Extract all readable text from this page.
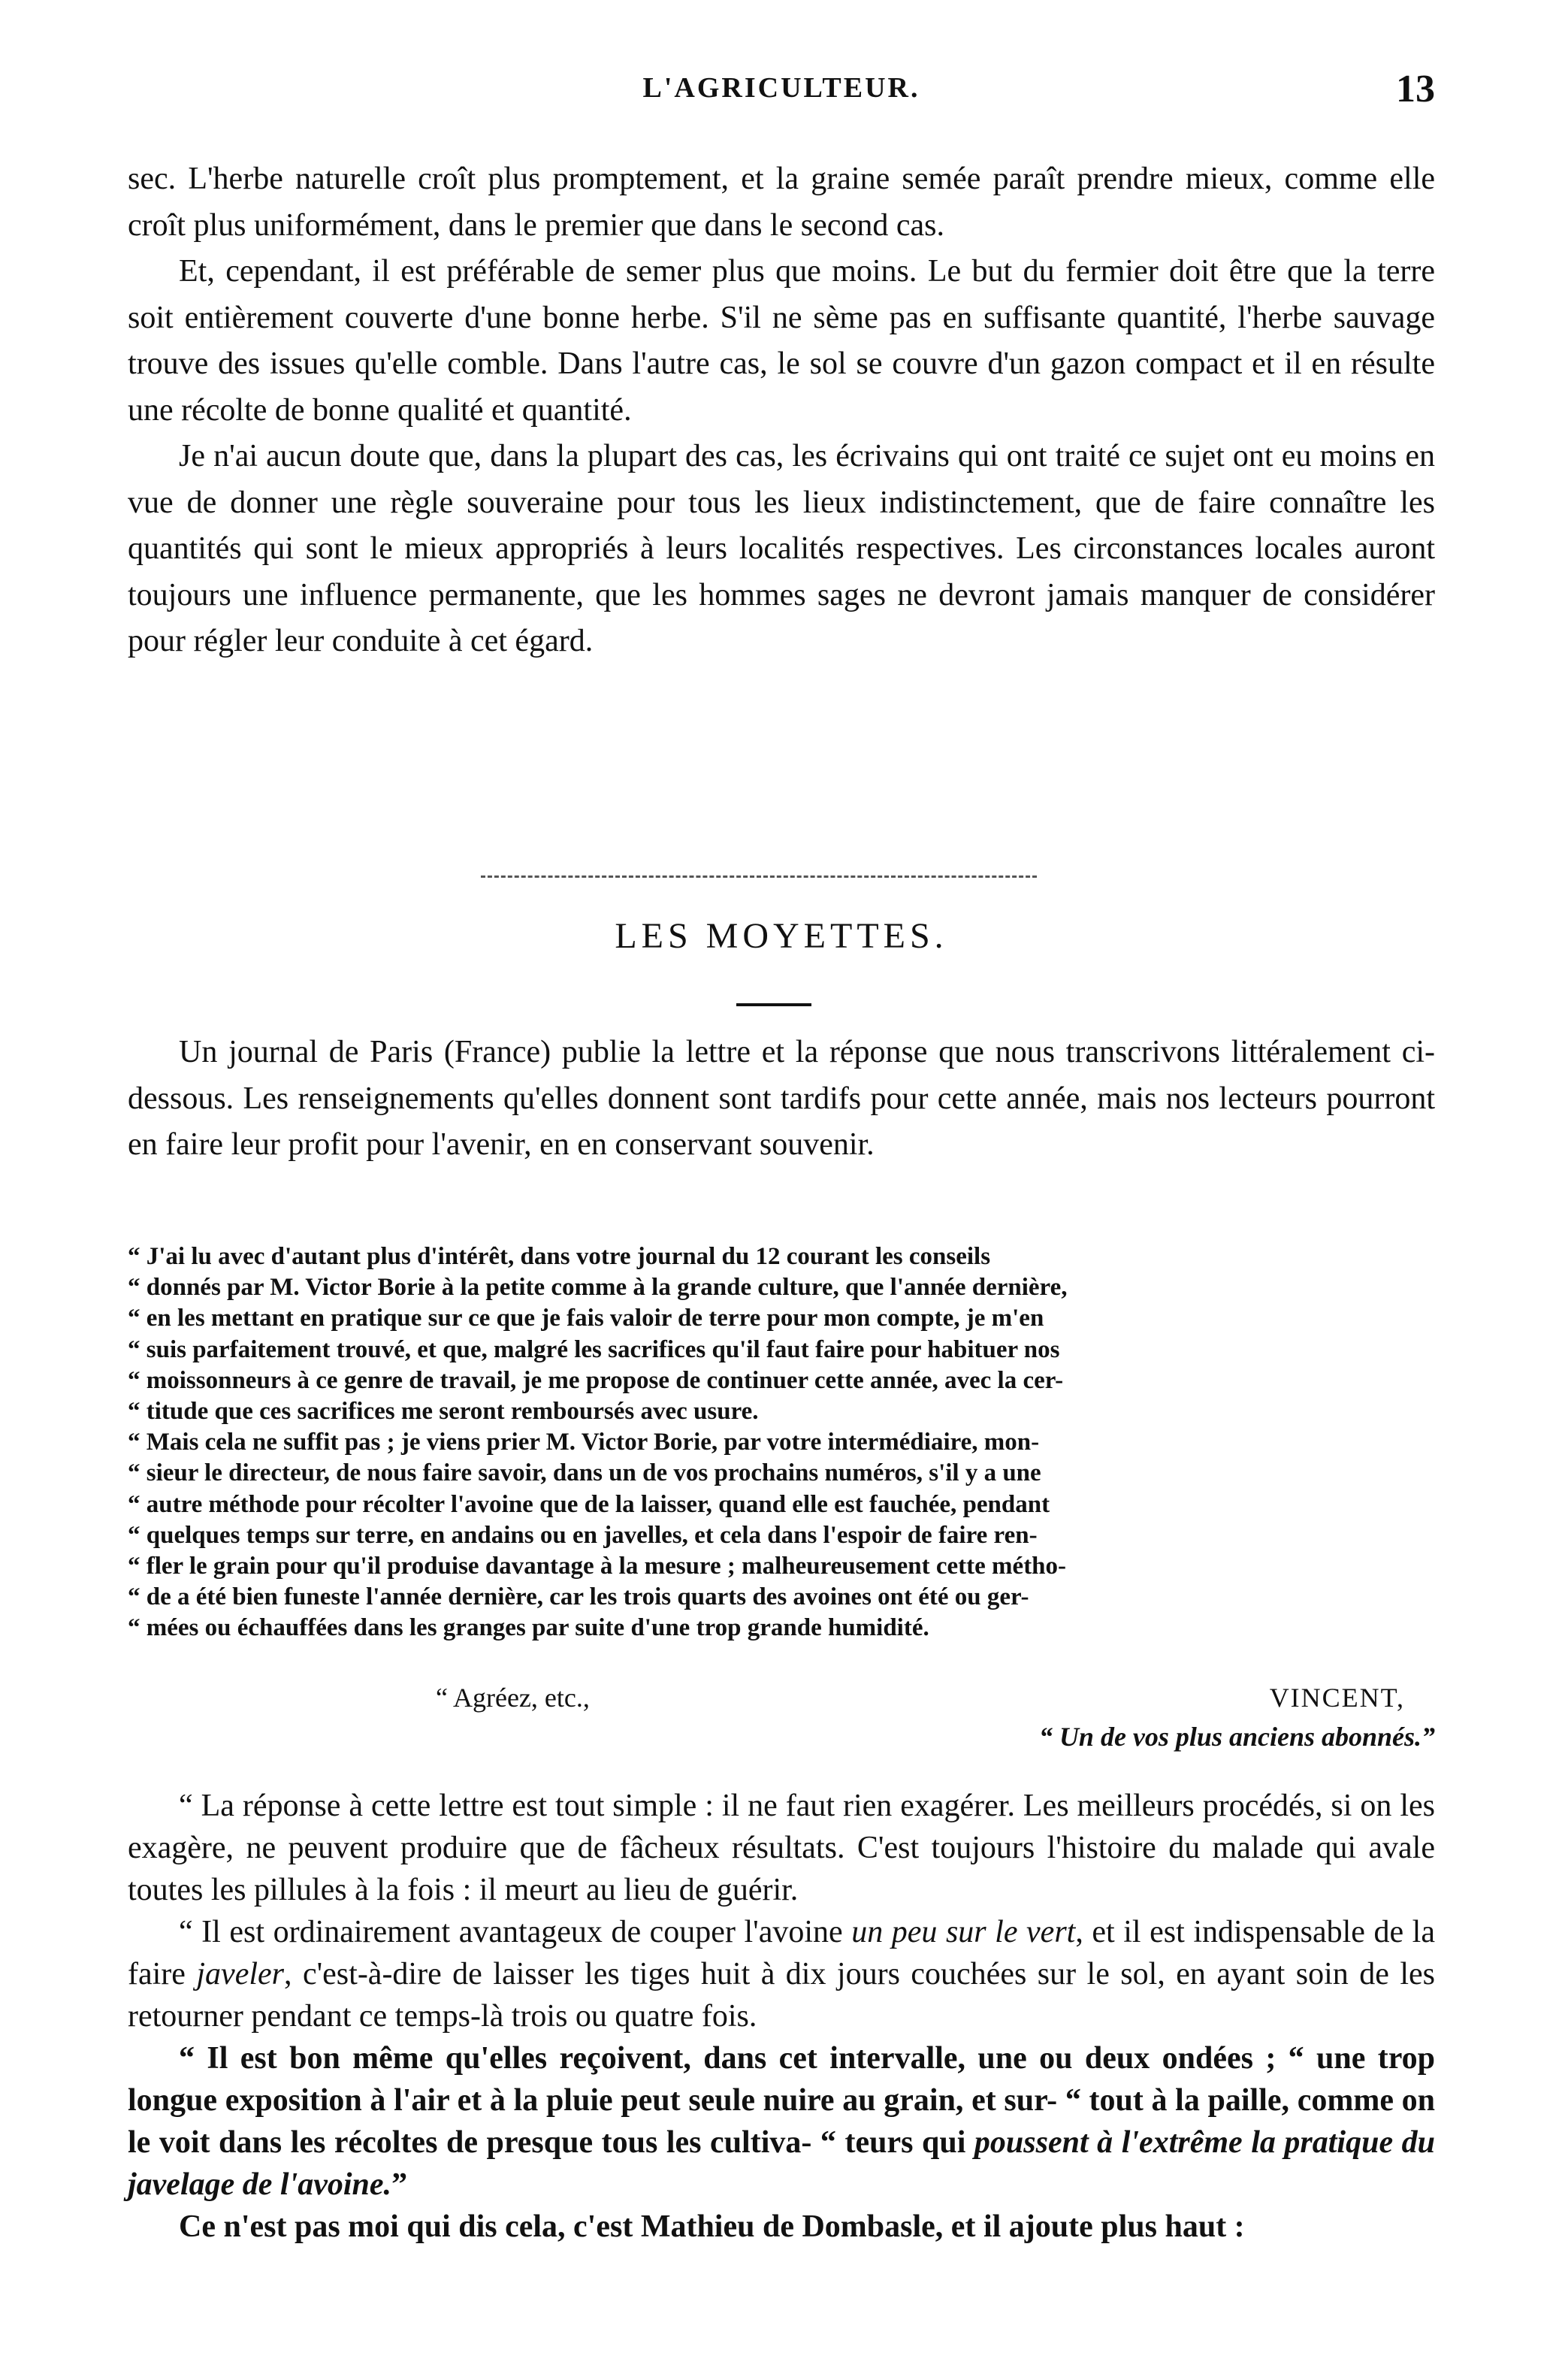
L'AGRICULTEUR.	13

sec. L'herbe naturelle croît plus promptement, et la graine semée paraît prendre mieux, comme elle croît plus uniformément, dans le premier que dans le second cas.

Et, cependant, il est préférable de semer plus que moins. Le but du fermier doit être que la terre soit entièrement couverte d'une bonne herbe. S'il ne sème pas en suffisante quantité, l'herbe sauvage trouve des issues qu'elle comble. Dans l'autre cas, le sol se couvre d'un gazon compact et il en résulte une récolte de bonne qualité et quantité.

Je n'ai aucun doute que, dans la plupart des cas, les écrivains qui ont traité ce sujet ont eu moins en vue de donner une règle souveraine pour tous les lieux indistinctement, que de faire connaître les quantités qui sont le mieux appropriés à leurs localités respectives. Les circonstances locales auront toujours une influence permanente, que les hommes sages ne devront jamais manquer de considérer pour régler leur conduite à cet égard.

LES MOYETTES.

Un journal de Paris (France) publie la lettre et la réponse que nous transcrivons littéralement ci-dessous. Les renseignements qu'elles donnent sont tardifs pour cette année, mais nos lecteurs pourront en faire leur profit pour l'avenir, en en conservant souvenir.

“ J'ai lu avec d'autant plus d'intérêt, dans votre journal du 12 courant les conseils
“ donnés par M. Victor Borie à la petite comme à la grande culture, que l'année dernière,
“ en les mettant en pratique sur ce que je fais valoir de terre pour mon compte, je m'en
“ suis parfaitement trouvé, et que, malgré les sacrifices qu'il faut faire pour habituer nos
“ moissonneurs à ce genre de travail, je me propose de continuer cette année, avec la cer-
“ titude que ces sacrifices me seront remboursés avec usure.
“ Mais cela ne suffit pas ; je viens prier M. Victor Borie, par votre intermédiaire, mon-
“ sieur le directeur, de nous faire savoir, dans un de vos prochains numéros, s'il y a une
“ autre méthode pour récolter l'avoine que de la laisser, quand elle est fauchée, pendant
“ quelques temps sur terre, en andains ou en javelles, et cela dans l'espoir de faire ren-
“ fler le grain pour qu'il produise davantage à la mesure ; malheureusement cette métho-
“ de a été bien funeste l'année dernière, car les trois quarts des avoines ont été ou ger-
“ mées ou échauffées dans les granges par suite d'une trop grande humidité.
“ Agréez, etc.,	VINCENT,
“ Un de vos plus anciens abonnés.”

“ La réponse à cette lettre est tout simple : il ne faut rien exagérer. Les meilleurs procédés, si on les exagère, ne peuvent produire que de fâcheux résultats. C'est toujours l'histoire du malade qui avale toutes les pillules à la fois : il meurt au lieu de guérir.

“ Il est ordinairement avantageux de couper l'avoine un peu sur le vert, et il est indispensable de la faire javeler, c'est-à-dire de laisser les tiges huit à dix jours couchées sur le sol, en ayant soin de les retourner pendant ce temps-là trois ou quatre fois.

“ Il est bon même qu'elles reçoivent, dans cet intervalle, une ou deux ondées ; “ une trop longue exposition à l'air et à la pluie peut seule nuire au grain, et sur- “ tout à la paille, comme on le voit dans les récoltes de presque tous les cultiva- “ teurs qui poussent à l'extrême la pratique du javelage de l'avoine.”

Ce n'est pas moi qui dis cela, c'est Mathieu de Dombasle, et il ajoute plus haut :
